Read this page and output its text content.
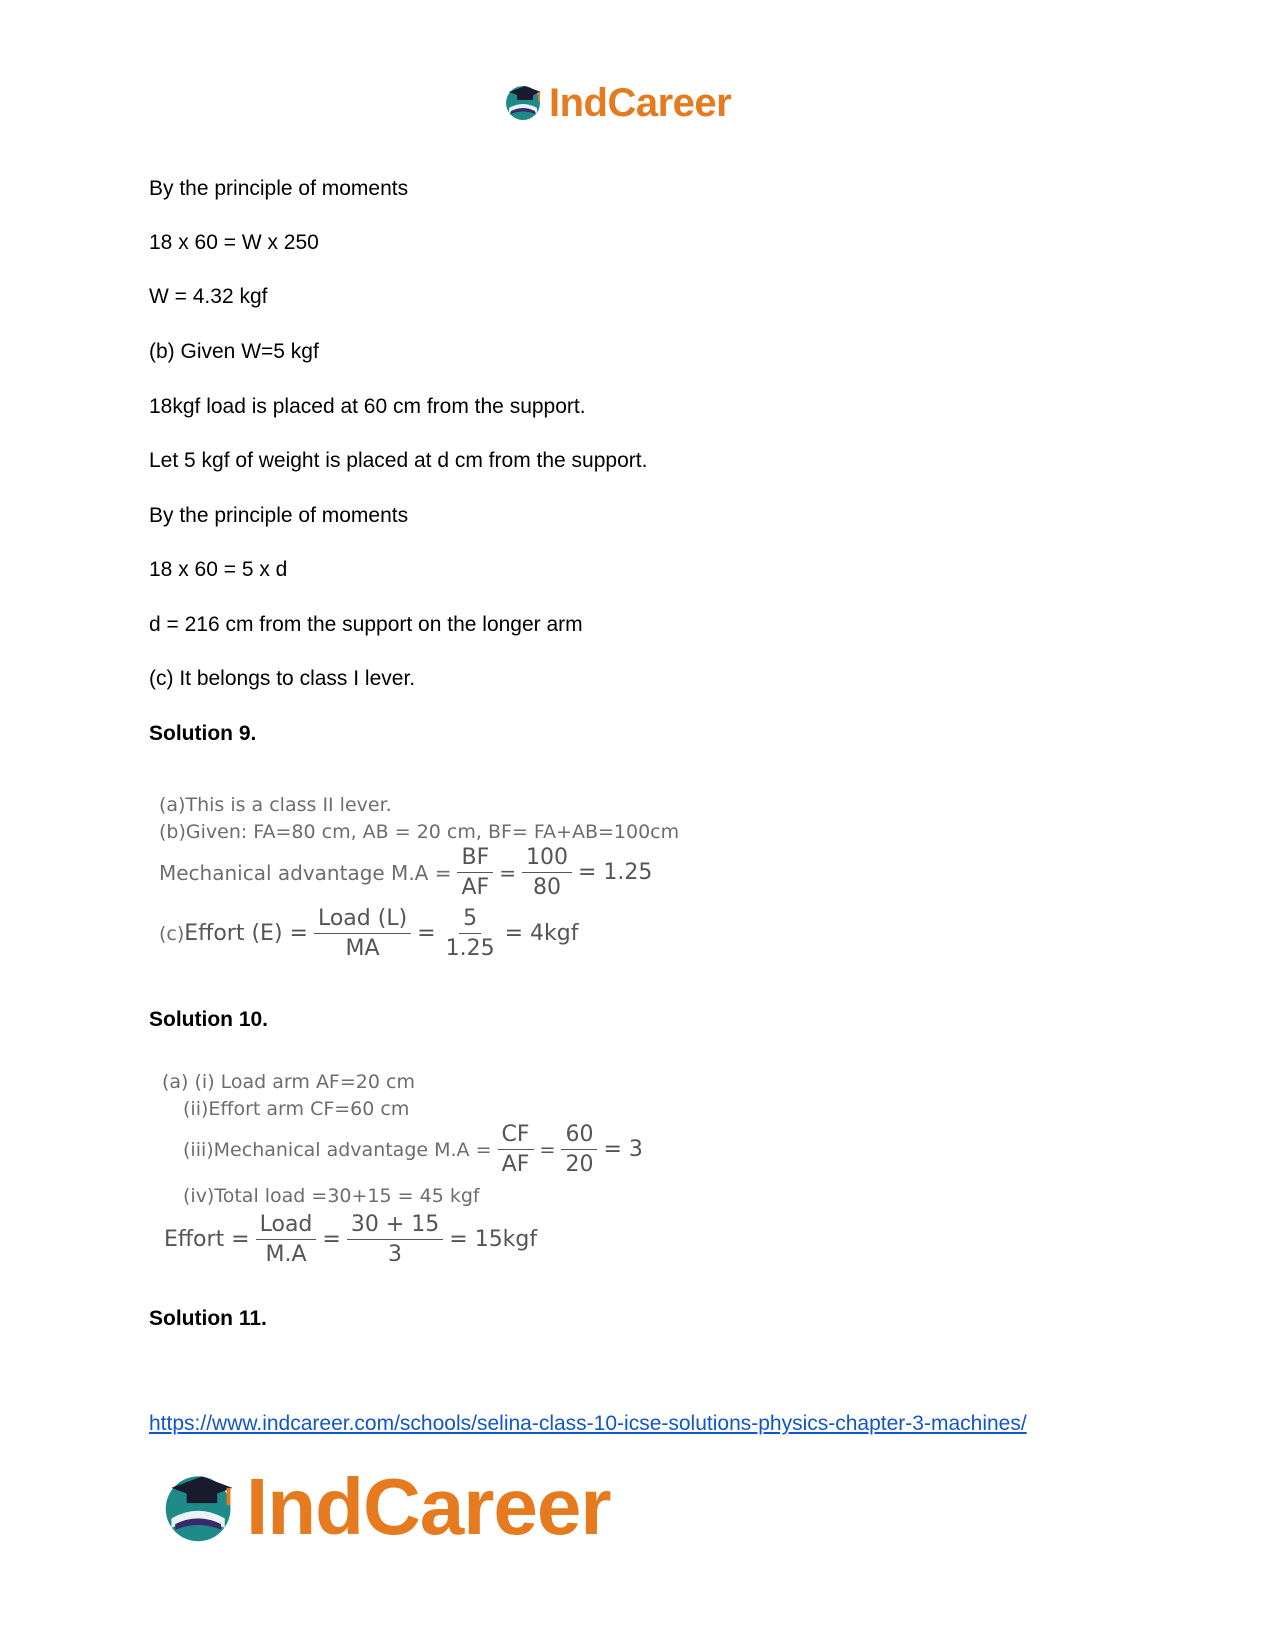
IndCareer
By the principle of moments
18 x 60 = W x 250
W = 4.32 kgf
(b) Given W=5 kgf
18kgf load is placed at 60 cm from the support.
Let 5 kgf of weight is placed at d cm from the support.
By the principle of moments
18 x 60 = 5 x d
d = 216 cm from the support on the longer arm
(c) It belongs to class I lever.
Solution 9.
(a)This is a class II lever.
(b)Given: FA=80 cm, AB = 20 cm, BF= FA+AB=100cm
Mechanical advantage $M.A = \frac{BF}{AF} = \frac{100}{80} = 1.25$
(c) Effort $(E) = \frac{\text{Load (L)}}{MA} = \frac{5}{1.25} = 4kgf$
Solution 10.
(a) (i) Load arm AF=20 cm
(ii)Effort arm CF=60 cm
(iii)Mechanical advantage $M.A = \frac{CF}{AF} = \frac{60}{20} = 3$
(iv)Total load =30+15 = 45 kgf
Effort = $\frac{\text{Load}}{M.A} = \frac{30 + 15}{3} = 15kgf$
Solution 11.
https://www.indcareer.com/schools/selina-class-10-icse-solutions-physics-chapter-3-machines/
IndCareer
